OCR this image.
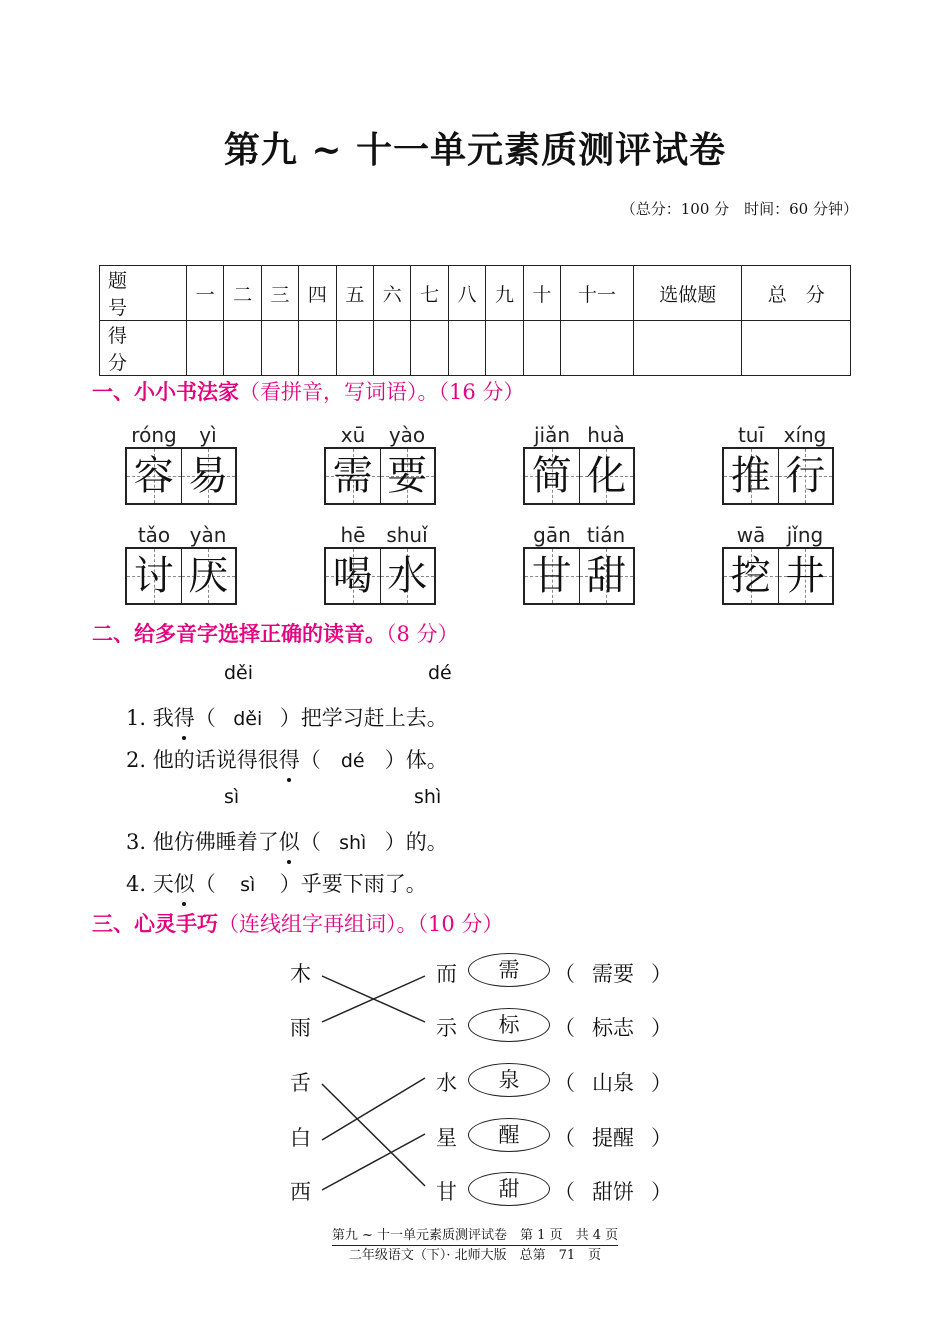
第九 ~ 十一单元素质测评试卷
（总分：100 分　时间：60 分钟）
题　号	一	二	三	四	五	六	七	八	九	十	十一	选做题	总　分
得　分													
一、小小书法家（看拼音，写词语）。（16 分）
róng	yì
容 易
xū	yào
需 要
jiǎn huà
简 化
tuī xíng
推 行
tǎo yàn
讨 厌
hē	shuǐ
喝 水
gān tián
甘 甜
wā	jǐng
挖 井
二、给多音字选择正确的读音。（8 分）
děi	dé
1. 我得（ děi ）把学习赶上去。
2. 他的话说得很得（ dé ）体。
sì	shì
3. 他仿佛睡着了似（ shì ）的。
4. 天似（ sì ）乎要下雨了。
三、心灵手巧（连线组字再组词）。（10 分）
木
雨
舌
白
西
而
示
水
星
甘
需
标
泉
醒
甜
（ 需要 ）
（ 标志 ）
（ 山泉 ）
（ 提醒 ）
（ 甜饼 ）
第九 ~ 十一单元素质测评试卷　第 1 页　共 4 页
二年级语文（下）· 北师大版　总第　71　页
